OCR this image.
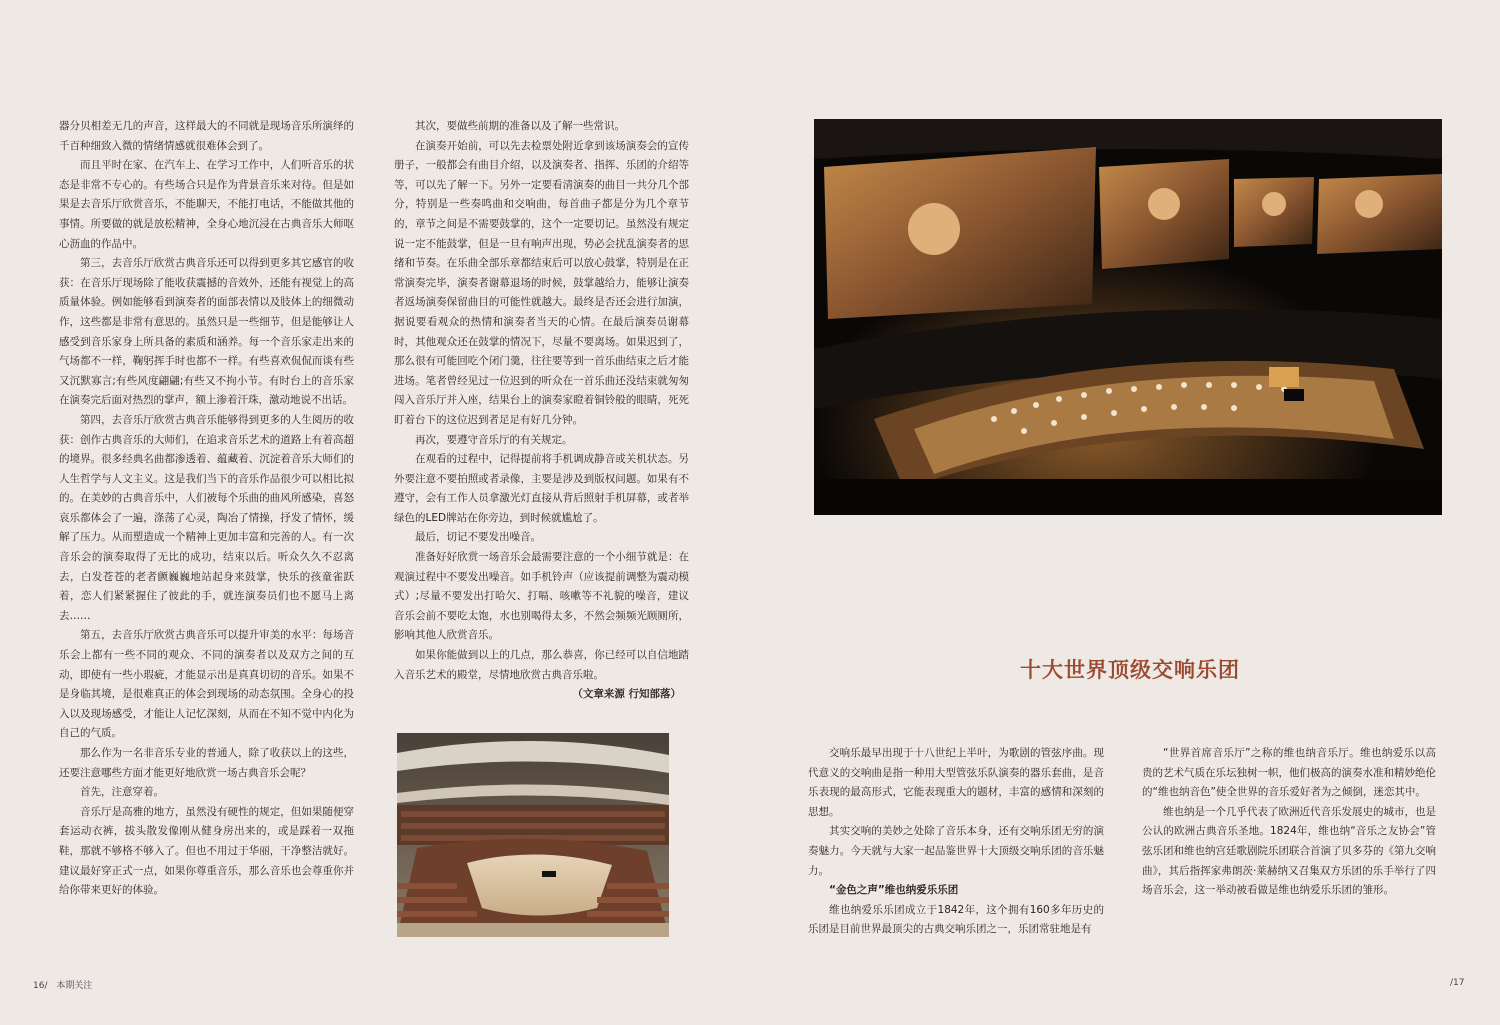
器分贝相差无几的声音，这样最大的不同就是现场音乐所演绎的千百种细致入微的情绪情感就很难体会到了。

而且平时在家、在汽车上、在学习工作中，人们听音乐的状态是非常不专心的。有些场合只是作为背景音乐来对待。但是如果是去音乐厅欣赏音乐，不能聊天，不能打电话，不能做其他的事情。所要做的就是放松精神，全身心地沉浸在古典音乐大师呕心沥血的作品中。

第三，去音乐厅欣赏古典音乐还可以得到更多其它感官的收获：在音乐厅现场除了能收获震撼的音效外，还能有视觉上的高质量体验。例如能够看到演奏者的面部表情以及肢体上的细微动作，这些都是非常有意思的。虽然只是一些细节，但是能够让人感受到音乐家身上所具备的素质和涵养。每一个音乐家走出来的气场都不一样，鞠躬挥手时也都不一样。有些喜欢侃侃而谈有些又沉默寡言;有些风度翩翩;有些又不拘小节。有时台上的音乐家在演奏完后面对热烈的掌声，额上渗着汗珠，激动地说不出话。

第四，去音乐厅欣赏古典音乐能够得到更多的人生阅历的收获：创作古典音乐的大师们，在追求音乐艺术的道路上有着高超的境界。很多经典名曲都渗透着、蕴藏着、沉淀着音乐大师们的人生哲学与人文主义。这是我们当下的音乐作品很少可以相比拟的。在美妙的古典音乐中，人们被每个乐曲的曲风所感染，喜怒哀乐都体会了一遍，涤荡了心灵，陶冶了情操，抒发了情怀，缓解了压力。从而塑造成一个精神上更加丰富和完善的人。有一次音乐会的演奏取得了无比的成功，结束以后。听众久久不忍离去，白发苍苍的老者颤巍巍地站起身来鼓掌，快乐的孩童雀跃着，恋人们紧紧握住了彼此的手，就连演奏员们也不愿马上离去……

第五，去音乐厅欣赏古典音乐可以提升审美的水平：每场音乐会上都有一些不同的观众、不同的演奏者以及双方之间的互动，即使有一些小瑕疵，才能显示出是真真切切的音乐。如果不是身临其境，是很难真正的体会到现场的动态氛围。全身心的投入以及现场感受，才能让人记忆深刻，从而在不知不觉中内化为自己的气质。

那么作为一名非音乐专业的普通人，除了收获以上的这些，还要注意哪些方面才能更好地欣赏一场古典音乐会呢？

首先，注意穿着。

音乐厅是高雅的地方，虽然没有硬性的规定，但如果随便穿套运动衣裤，拔头散发像刚从健身房出来的，或是踩着一双拖鞋，那就不够格不够入了。但也不用过于华丽，干净整洁就好。建议最好穿正式一点，如果你尊重音乐，那么音乐也会尊重你并给你带来更好的体验。

其次，要做些前期的准备以及了解一些常识。

在演奏开始前，可以先去检票处附近拿到该场演奏会的宣传册子，一般都会有曲目介绍，以及演奏者、指挥、乐团的介绍等等，可以先了解一下。另外一定要看清演奏的曲目一共分几个部分，特别是一些奏鸣曲和交响曲，每首曲子都是分为几个章节的，章节之间是不需要鼓掌的，这个一定要切记。虽然没有规定说一定不能鼓掌，但是一旦有响声出现，势必会扰乱演奏者的思绪和节奏。在乐曲全部乐章都结束后可以放心鼓掌，特别是在正常演奏完毕，演奏者谢幕退场的时候，鼓掌越给力，能够让演奏者返场演奏保留曲目的可能性就越大。最终是否还会进行加演，据说要看观众的热情和演奏者当天的心情。在最后演奏员谢幕时，其他观众还在鼓掌的情况下，尽量不要离场。如果迟到了，那么很有可能回吃个闭门羹，往往要等到一首乐曲结束之后才能进场。笔者曾经见过一位迟到的听众在一首乐曲还没结束就匆匆闯入音乐厅并入座，结果台上的演奏家瞪着铜铃般的眼睛，死死盯着台下的这位迟到者足足有好几分钟。

再次，要遵守音乐厅的有关规定。

在观看的过程中，记得提前将手机调成静音或关机状态。另外要注意不要拍照或者录像，主要是涉及到版权问题。如果有不遵守，会有工作人员拿激光灯直接从背后照射手机屏幕，或者举绿色的LED牌站在你旁边，到时候就尴尬了。

最后，切记不要发出噪音。

准备好好欣赏一场音乐会最需要注意的一个小细节就是：在观演过程中不要发出噪音。如手机铃声（应该提前调整为震动模式）;尽量不要发出打哈欠、打嗝、咳嗽等不礼貌的噪音，建议音乐会前不要吃太饱，水也别喝得太多，不然会频频光顾厕所，影响其他人欣赏音乐。

如果你能做到以上的几点，那么恭喜，你已经可以自信地踏入音乐艺术的殿堂，尽情地欣赏古典音乐啦。

（文章来源 行知部落）

十大世界顶级交响乐团

交响乐最早出现于十八世纪上半叶，为歌剧的管弦序曲。现代意义的交响曲是指一种用大型管弦乐队演奏的器乐套曲，是音乐表现的最高形式，它能表现重大的题材，丰富的感情和深刻的思想。

其实交响的美妙之处除了音乐本身，还有交响乐团无穷的演奏魅力。今天就与大家一起品鉴世界十大顶级交响乐团的音乐魅力。

“金色之声”维也纳爱乐乐团

维也纳爱乐乐团成立于1842年，这个拥有160多年历史的乐团是目前世界最顶尖的古典交响乐团之一，乐团常驻地是有

“世界首席音乐厅”之称的维也纳音乐厅。维也纳爱乐以高贵的艺术气质在乐坛独树一帜，他们极高的演奏水准和精妙绝伦的“维也纳音色”使全世界的音乐爱好者为之倾倒，迷恋其中。

维也纳是一个几乎代表了欧洲近代音乐发展史的城市，也是公认的欧洲古典音乐圣地。1824年，维也纳“音乐之友协会”管弦乐团和维也纳宫廷歌剧院乐团联合首演了贝多芬的《第九交响曲》，其后指挥家弗朗茨·莱赫纳又召集双方乐团的乐手举行了四场音乐会，这一举动被看做是维也纳爱乐乐团的雏形。

16/ 本期关注	/17
